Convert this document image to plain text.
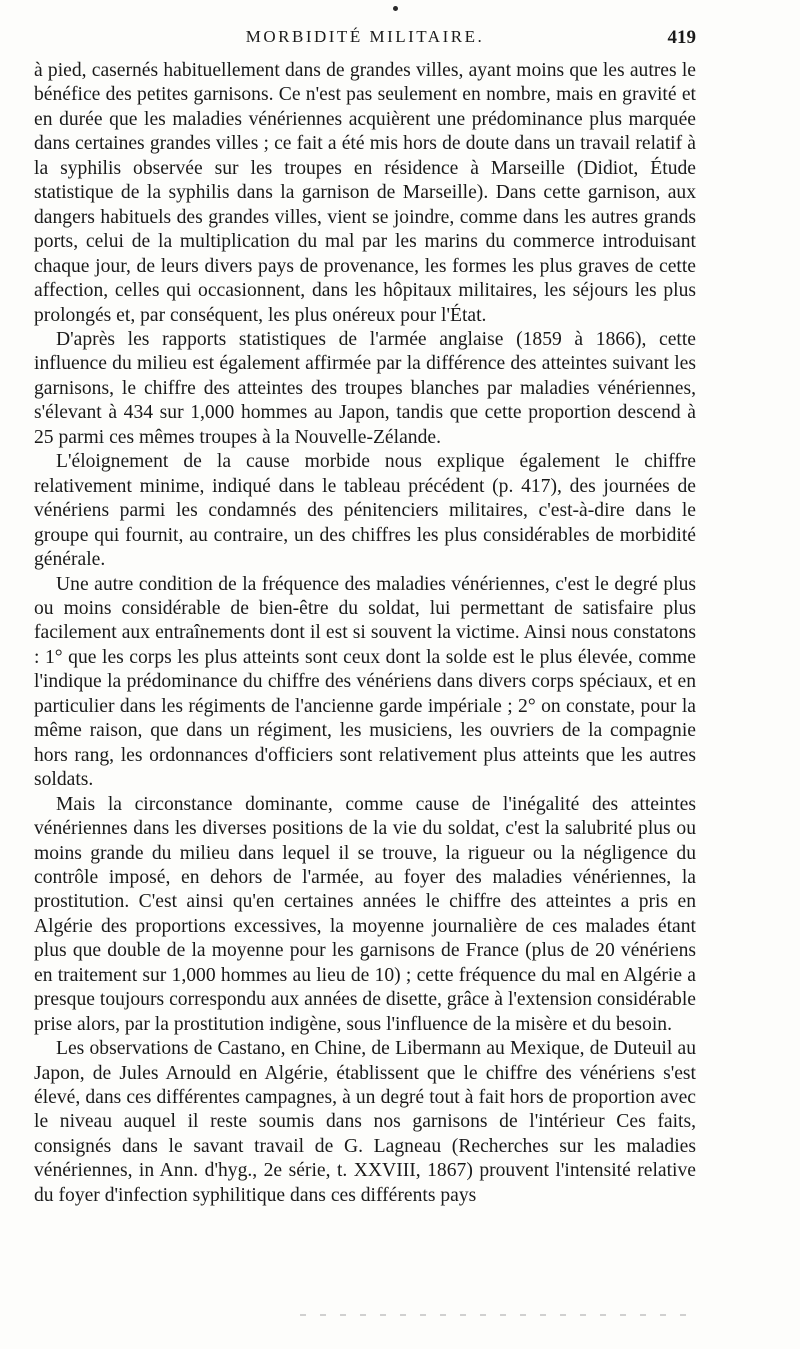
MORBIDITÉ MILITAIRE.	419

à pied, casernés habituellement dans de grandes villes, ayant moins que les autres le bénéfice des petites garnisons. Ce n'est pas seulement en nombre, mais en gravité et en durée que les maladies vénériennes acquièrent une prédominance plus marquée dans certaines grandes villes ; ce fait a été mis hors de doute dans un travail relatif à la syphilis observée sur les troupes en résidence à Marseille (Didiot, Étude statistique de la syphilis dans la garnison de Marseille). Dans cette garnison, aux dangers habituels des grandes villes, vient se joindre, comme dans les autres grands ports, celui de la multiplication du mal par les marins du commerce introduisant chaque jour, de leurs divers pays de provenance, les formes les plus graves de cette affection, celles qui occasionnent, dans les hôpitaux militaires, les séjours les plus prolongés et, par conséquent, les plus onéreux pour l'État.

D'après les rapports statistiques de l'armée anglaise (1859 à 1866), cette influence du milieu est également affirmée par la différence des atteintes suivant les garnisons, le chiffre des atteintes des troupes blanches par maladies vénériennes, s'élevant à 434 sur 1,000 hommes au Japon, tandis que cette proportion descend à 25 parmi ces mêmes troupes à la Nouvelle-Zélande.

L'éloignement de la cause morbide nous explique également le chiffre relativement minime, indiqué dans le tableau précédent (p. 417), des journées de vénériens parmi les condamnés des pénitenciers militaires, c'est-à-dire dans le groupe qui fournit, au contraire, un des chiffres les plus considérables de morbidité générale.

Une autre condition de la fréquence des maladies vénériennes, c'est le degré plus ou moins considérable de bien-être du soldat, lui permettant de satisfaire plus facilement aux entraînements dont il est si souvent la victime. Ainsi nous constatons : 1° que les corps les plus atteints sont ceux dont la solde est le plus élevée, comme l'indique la prédominance du chiffre des vénériens dans divers corps spéciaux, et en particulier dans les régiments de l'ancienne garde impériale ; 2° on constate, pour la même raison, que dans un régiment, les musiciens, les ouvriers de la compagnie hors rang, les ordonnances d'officiers sont relativement plus atteints que les autres soldats.

Mais la circonstance dominante, comme cause de l'inégalité des atteintes vénériennes dans les diverses positions de la vie du soldat, c'est la salubrité plus ou moins grande du milieu dans lequel il se trouve, la rigueur ou la négligence du contrôle imposé, en dehors de l'armée, au foyer des maladies vénériennes, la prostitution. C'est ainsi qu'en certaines années le chiffre des atteintes a pris en Algérie des proportions excessives, la moyenne journalière de ces malades étant plus que double de la moyenne pour les garnisons de France (plus de 20 vénériens en traitement sur 1,000 hommes au lieu de 10) ; cette fréquence du mal en Algérie a presque toujours correspondu aux années de disette, grâce à l'extension considérable prise alors, par la prostitution indigène, sous l'influence de la misère et du besoin.

Les observations de Castano, en Chine, de Libermann au Mexique, de Duteuil au Japon, de Jules Arnould en Algérie, établissent que le chiffre des vénériens s'est élevé, dans ces différentes campagnes, à un degré tout à fait hors de proportion avec le niveau auquel il reste soumis dans nos garnisons de l'intérieur Ces faits, consignés dans le savant travail de G. Lagneau (Recherches sur les maladies vénériennes, in Ann. d'hyg., 2e série, t. XXVIII, 1867) prouvent l'intensité relative du foyer d'infection syphilitique dans ces différents pays
